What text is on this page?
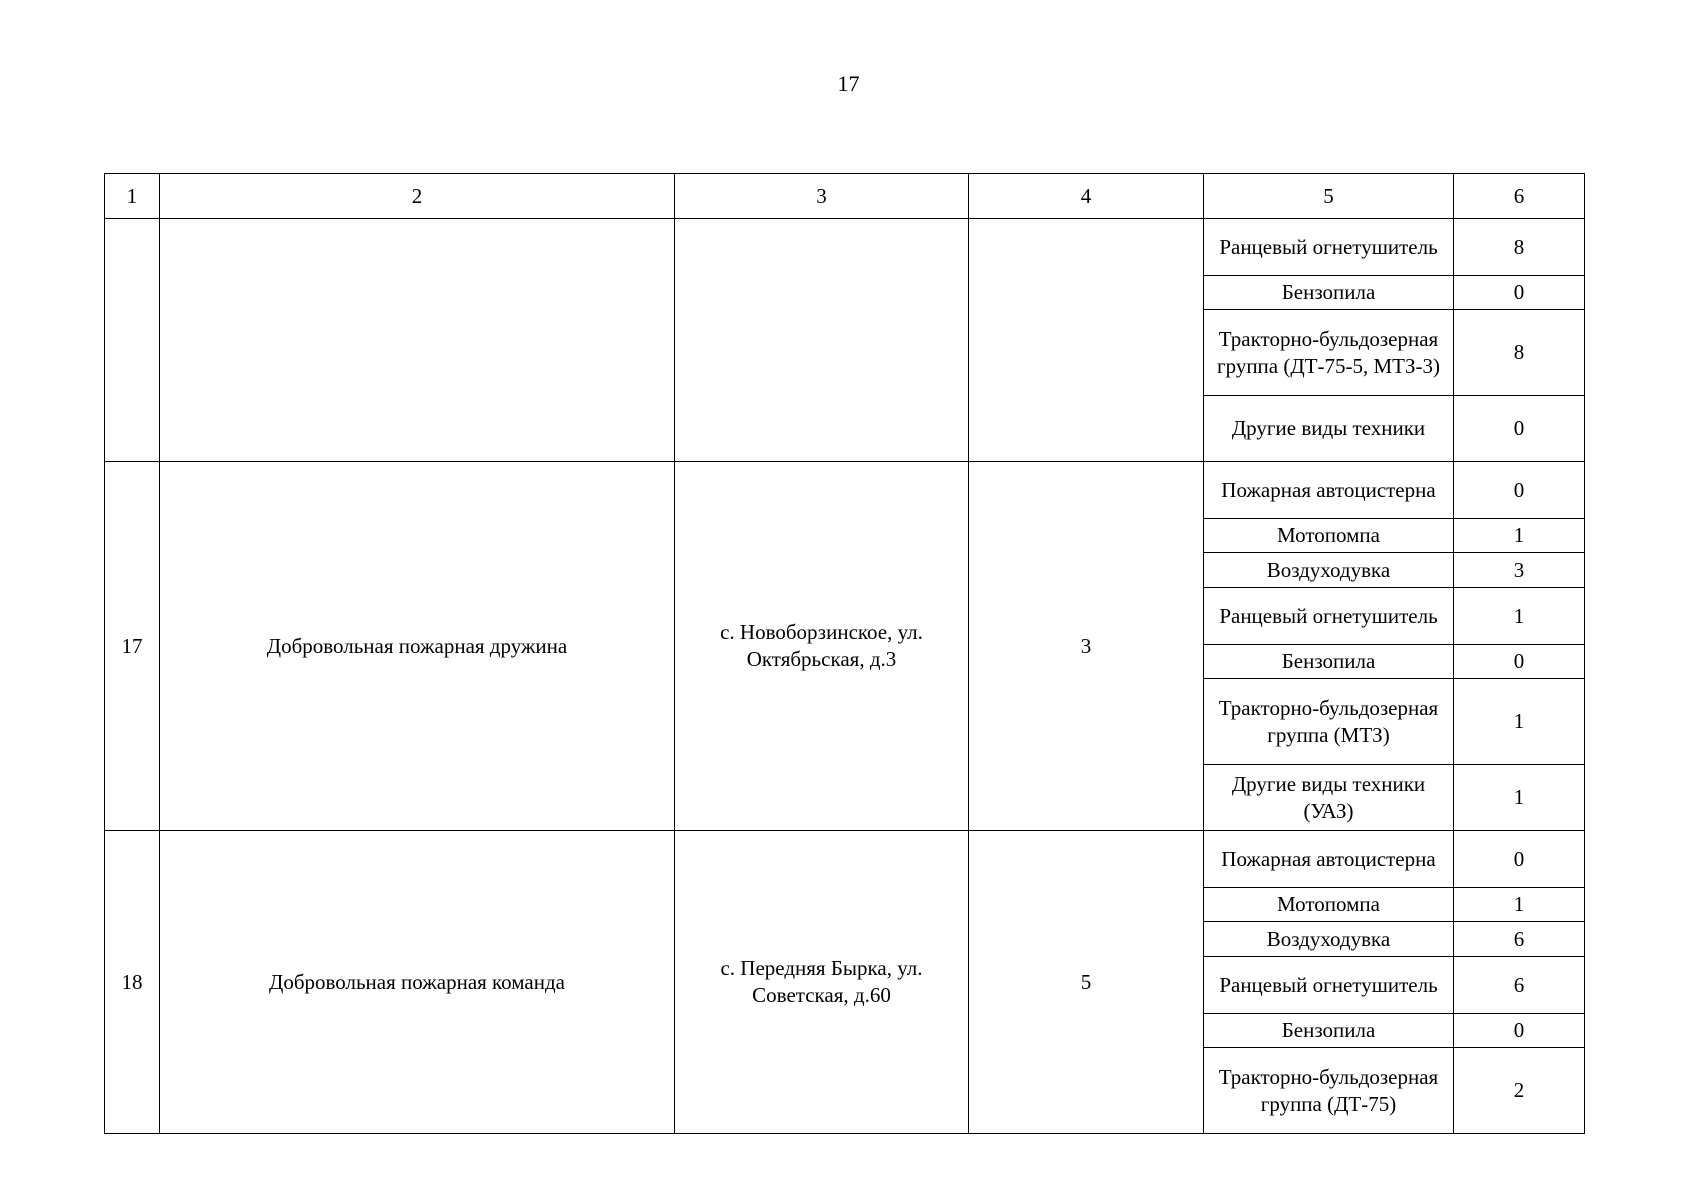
17
1	2	3	4	5	6
				Ранцевый огнетушитель	8
				Бензопила	0
				Тракторно-бульдозерная группа (ДТ-75-5, МТЗ-3)	8
				Другие виды техники	0
17	Добровольная пожарная дружина	с. Новоборзинское, ул. Октябрьская, д.3	3	Пожарная автоцистерна	0
				Мотопомпа	1
				Воздуходувка	3
				Ранцевый огнетушитель	1
				Бензопила	0
				Тракторно-бульдозерная группа (МТЗ)	1
				Другие виды техники (УАЗ)	1
18	Добровольная пожарная команда	с. Передняя Бырка, ул. Советская, д.60	5	Пожарная автоцистерна	0
				Мотопомпа	1
				Воздуходувка	6
				Ранцевый огнетушитель	6
				Бензопила	0
				Тракторно-бульдозерная группа (ДТ-75)	2
